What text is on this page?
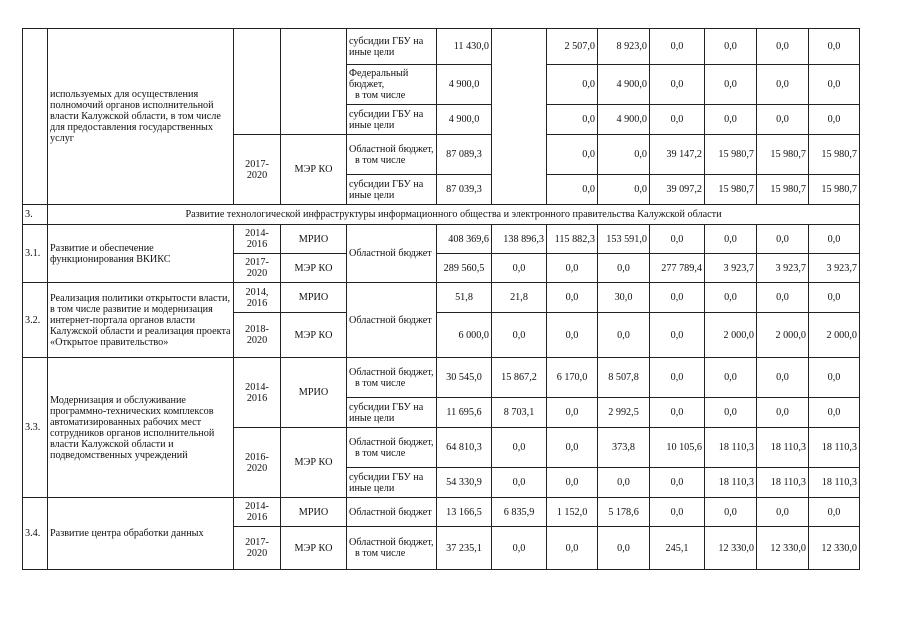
	используемых для осуществления полномочий органов исполнительной власти Калужской области, в том числе для предоставления государственных услуг			субсидии ГБУ на иные цели	11 430,0		2 507,0	8 923,0	0,0	0,0	0,0	0,0

				Федеральный бюджет,
в том числе	4 900,0		0,0	4 900,0	0,0	0,0	0,0	0,0

				субсидии ГБУ на иные цели	4 900,0		0,0	4 900,0	0,0	0,0	0,0	0,0
		2017-2020	МЭР КО	Областной бюджет,
в том числе	87 089,3		0,0	0,0	39 147,2	15 980,7	15 980,7	15 980,7

				субсидии ГБУ на иные цели	87 039,3		0,0	0,0	39 097,2	15 980,7	15 980,7	15 980,7
3.	Развитие технологической инфраструктуры информационного общества и электронного правительства Калужской области											
3.1.	Развитие и обеспечение функционирования ВКИКС	2014-2016	МРИО	Областной бюджет	408 369,6	138 896,3	115 882,3	153 591,0	0,0	0,0	0,0	0,0
		2017-2020	МЭР КО		289 560,5	0,0	0,0	0,0	277 789,4	3 923,7	3 923,7	3 923,7
3.2.	Реализация политики открытости власти, в том числе развитие и модернизация интернет-портала органов власти Калужской области и реализация проекта «Открытое правительство»	2014, 2016	МРИО	Областной бюджет	51,8	21,8	0,0	30,0	0,0	0,0	0,0	0,0
		2018-2020	МЭР КО		6 000,0	0,0	0,0	0,0	0,0	2 000,0	2 000,0	2 000,0
3.3.	Модернизация и обслуживание программно-технических комплексов автоматизированных рабочих мест сотрудников органов исполнительной власти Калужской области и подведомственных учреждений	2014-2016	МРИО	Областной бюджет,
в том числе	30 545,0	15 867,2	6 170,0	8 507,8	0,0	0,0	0,0	0,0

				субсидии ГБУ на иные цели	11 695,6	8 703,1	0,0	2 992,5	0,0	0,0	0,0	0,0
		2016-2020	МЭР КО	Областной бюджет,
в том числе	64 810,3	0,0	0,0	373,8	10 105,6	18 110,3	18 110,3	18 110,3

				субсидии ГБУ на иные цели	54 330,9	0,0	0,0	0,0	0,0	18 110,3	18 110,3	18 110,3
3.4.	Развитие центра обработки данных	2014-2016	МРИО	Областной бюджет	13 166,5	6 835,9	1 152,0	5 178,6	0,0	0,0	0,0	0,0
		2017-2020	МЭР КО	Областной бюджет,
в том числе	37 235,1	0,0	0,0	0,0	245,1	12 330,0	12 330,0	12 330,0
